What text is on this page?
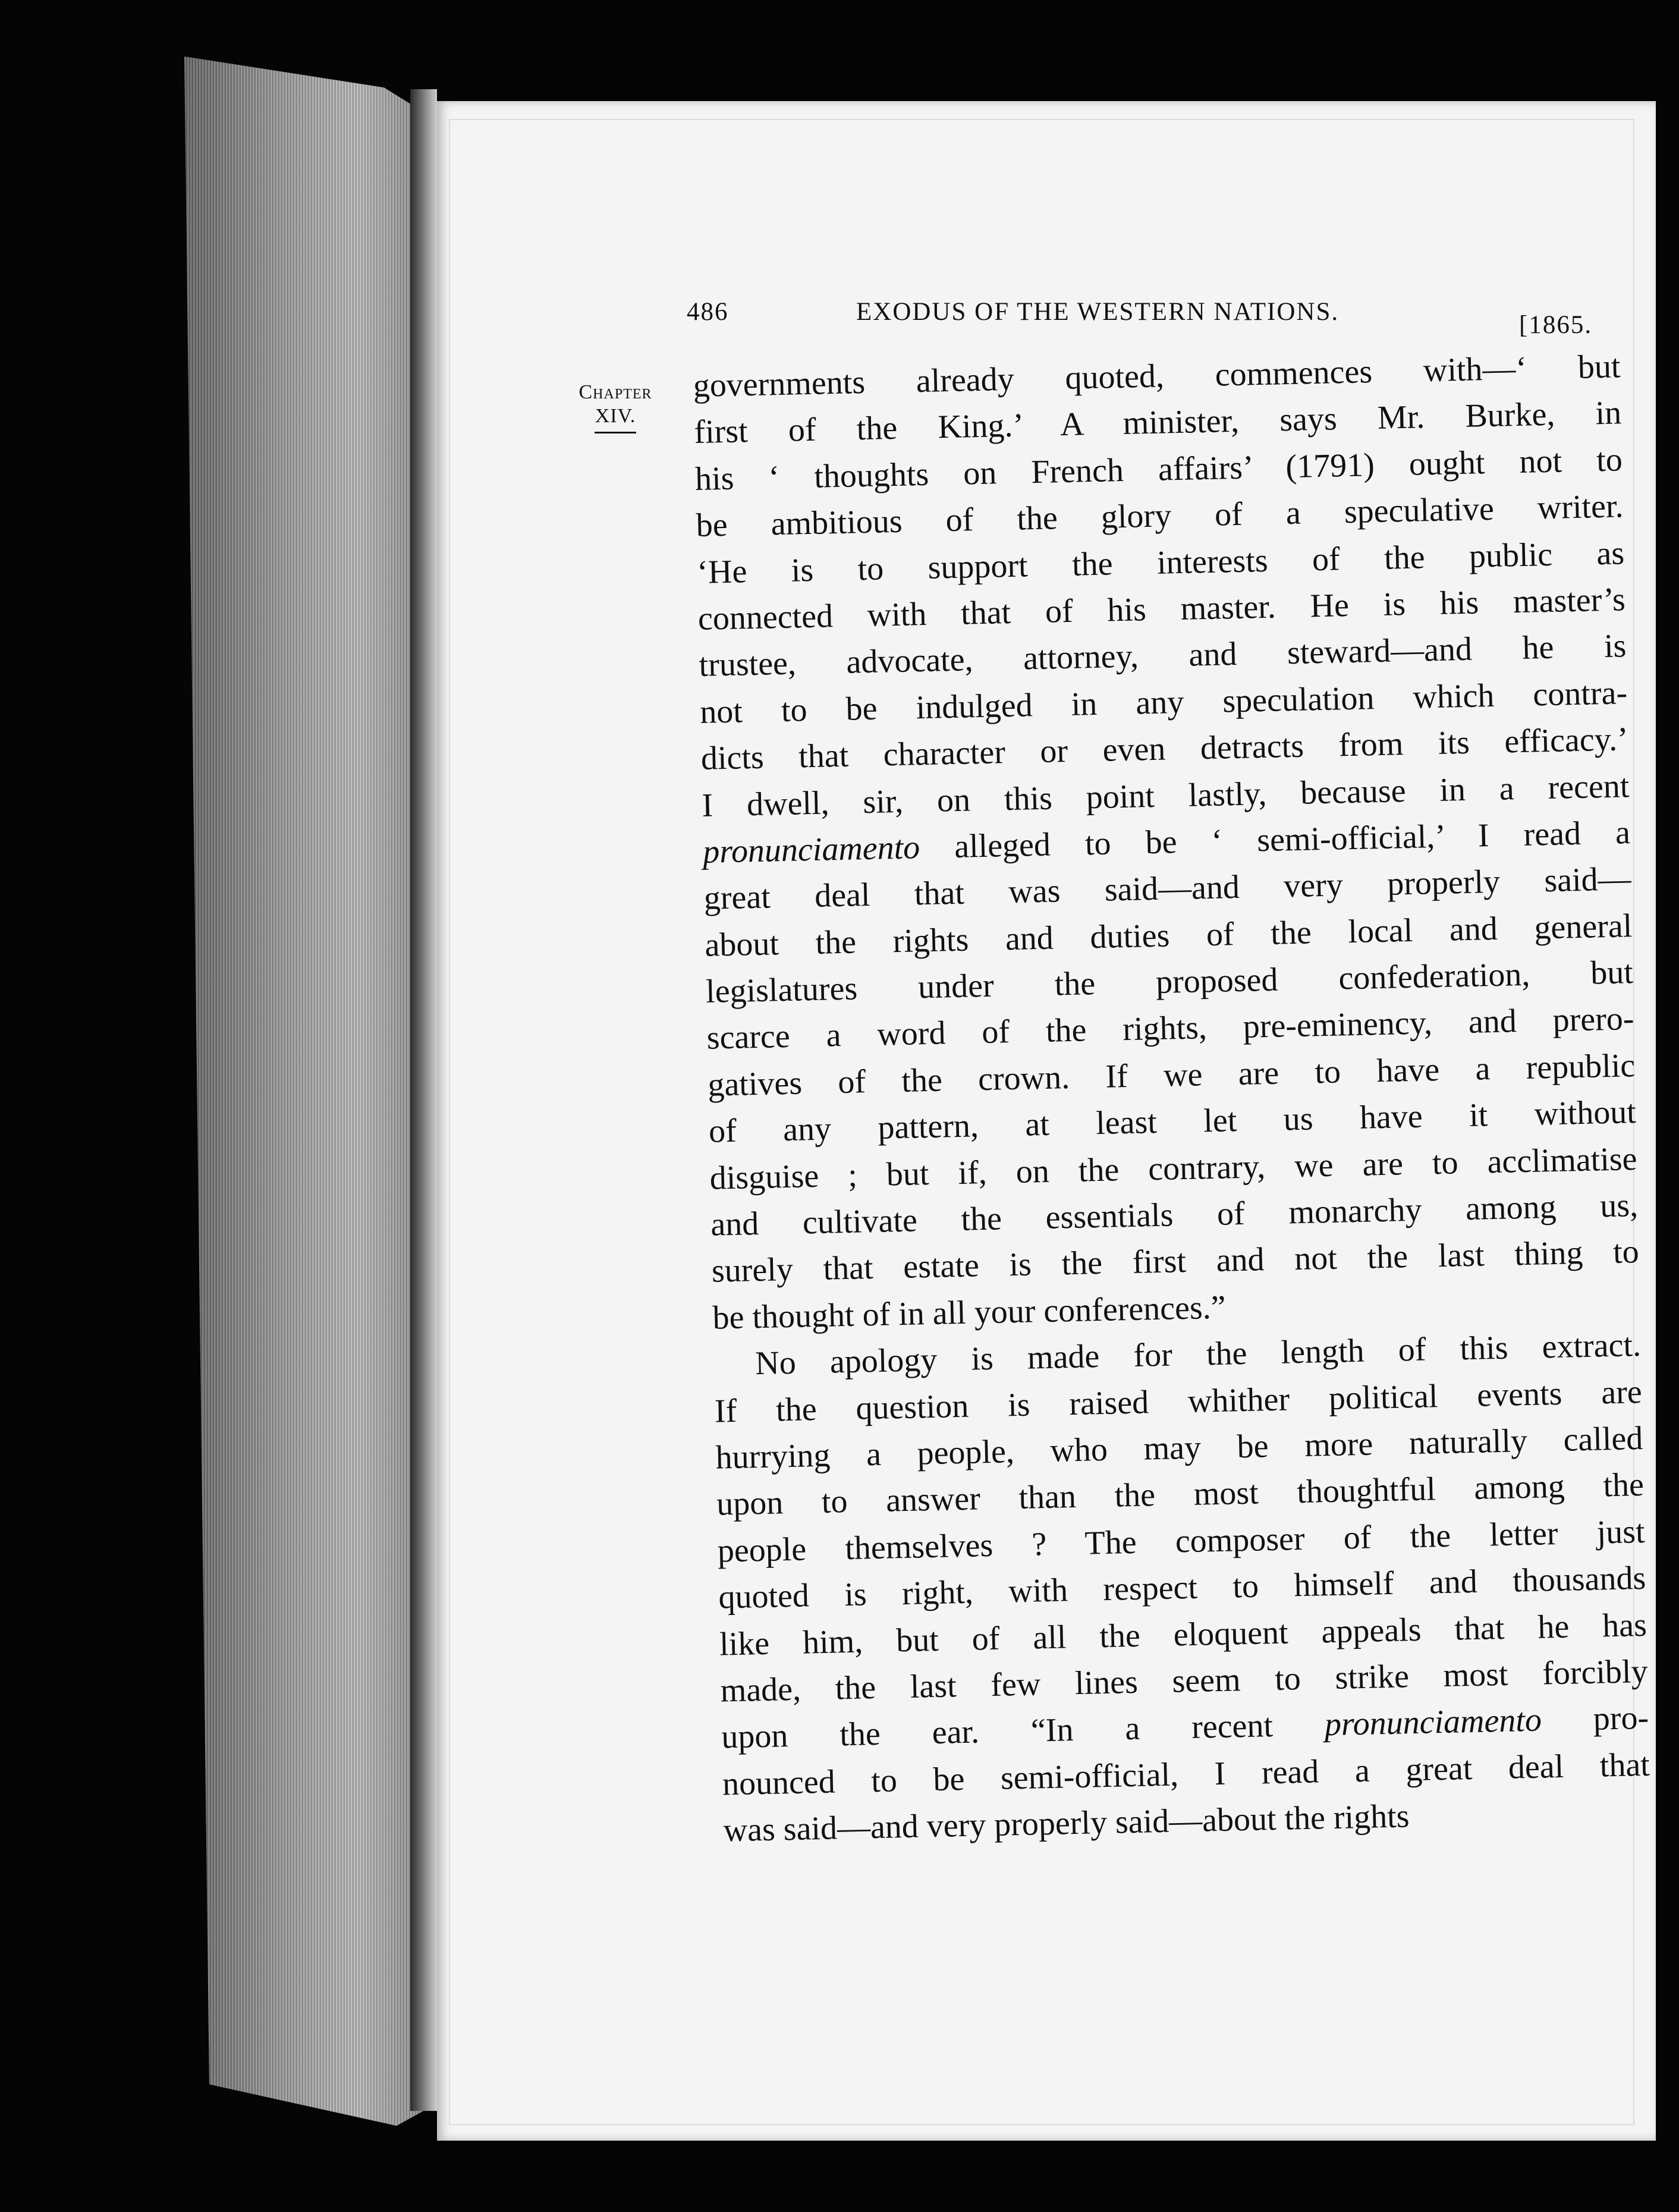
486	EXODUS OF THE WESTERN NATIONS.	[1865.
Chapter
XIV.
governments already quoted, commences with—‘ but
first of the King.’ A minister, says Mr. Burke, in
his ‘ thoughts on French affairs’ (1791) ought not to
be ambitious of the glory of a speculative writer.
‘He is to support the interests of the public as
connected with that of his master. He is his master’s
trustee, advocate, attorney, and steward—and he is
not to be indulged in any speculation which contra-
dicts that character or even detracts from its efficacy.’
I dwell, sir, on this point lastly, because in a recent
pronunciamento alleged to be ‘ semi-official,’ I read a
great deal that was said—and very properly said—
about the rights and duties of the local and general
legislatures under the proposed confederation, but
scarce a word of the rights, pre-eminency, and prero-
gatives of the crown. If we are to have a republic
of any pattern, at least let us have it without
disguise ; but if, on the contrary, we are to acclimatise
and cultivate the essentials of monarchy among us,
surely that estate is the first and not the last thing to
be thought of in all your conferences.”
No apology is made for the length of this extract.
If the question is raised whither political events are
hurrying a people, who may be more naturally called
upon to answer than the most thoughtful among the
people themselves ? The composer of the letter just
quoted is right, with respect to himself and thousands
like him, but of all the eloquent appeals that he has
made, the last few lines seem to strike most forcibly
upon the ear. “In a recent pronunciamento pro-
nounced to be semi-official, I read a great deal that
was said—and very properly said—about the rights
